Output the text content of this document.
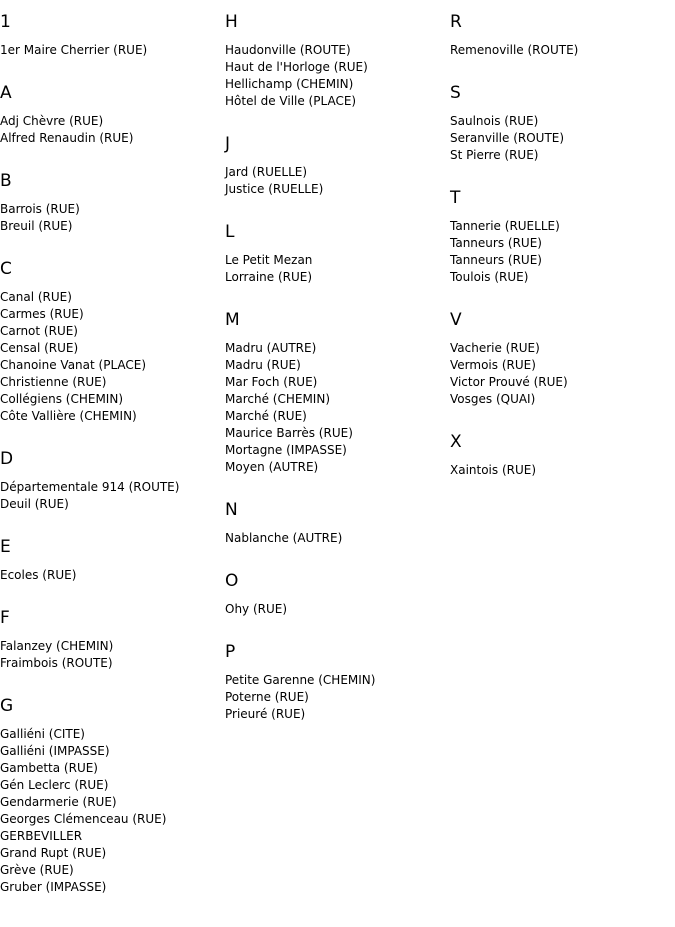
1
1er Maire Cherrier (RUE)
A
Adj Chèvre (RUE)
Alfred Renaudin (RUE)
B
Barrois (RUE)
Breuil (RUE)
C
Canal (RUE)
Carmes (RUE)
Carnot (RUE)
Censal (RUE)
Chanoine Vanat (PLACE)
Christienne (RUE)
Collégiens (CHEMIN)
Côte Vallière (CHEMIN)
D
Départementale 914 (ROUTE)
Deuil (RUE)
E
Ecoles (RUE)
F
Falanzey (CHEMIN)
Fraimbois (ROUTE)
G
Galliéni (CITE)
Galliéni (IMPASSE)
Gambetta (RUE)
Gén Leclerc (RUE)
Gendarmerie (RUE)
Georges Clémenceau (RUE)
GERBEVILLER
Grand Rupt (RUE)
Grève (RUE)
Gruber (IMPASSE)
H
Haudonville (ROUTE)
Haut de l'Horloge (RUE)
Hellichamp (CHEMIN)
Hôtel de Ville (PLACE)
J
Jard (RUELLE)
Justice (RUELLE)
L
Le Petit Mezan
Lorraine (RUE)
M
Madru (AUTRE)
Madru (RUE)
Mar Foch (RUE)
Marché (CHEMIN)
Marché (RUE)
Maurice Barrès (RUE)
Mortagne (IMPASSE)
Moyen (AUTRE)
N
Nablanche (AUTRE)
O
Ohy (RUE)
P
Petite Garenne (CHEMIN)
Poterne (RUE)
Prieuré (RUE)
R
Remenoville (ROUTE)
S
Saulnois (RUE)
Seranville (ROUTE)
St Pierre (RUE)
T
Tannerie (RUELLE)
Tanneurs (RUE)
Tanneurs (RUE)
Toulois (RUE)
V
Vacherie (RUE)
Vermois (RUE)
Victor Prouvé (RUE)
Vosges (QUAI)
X
Xaintois (RUE)
